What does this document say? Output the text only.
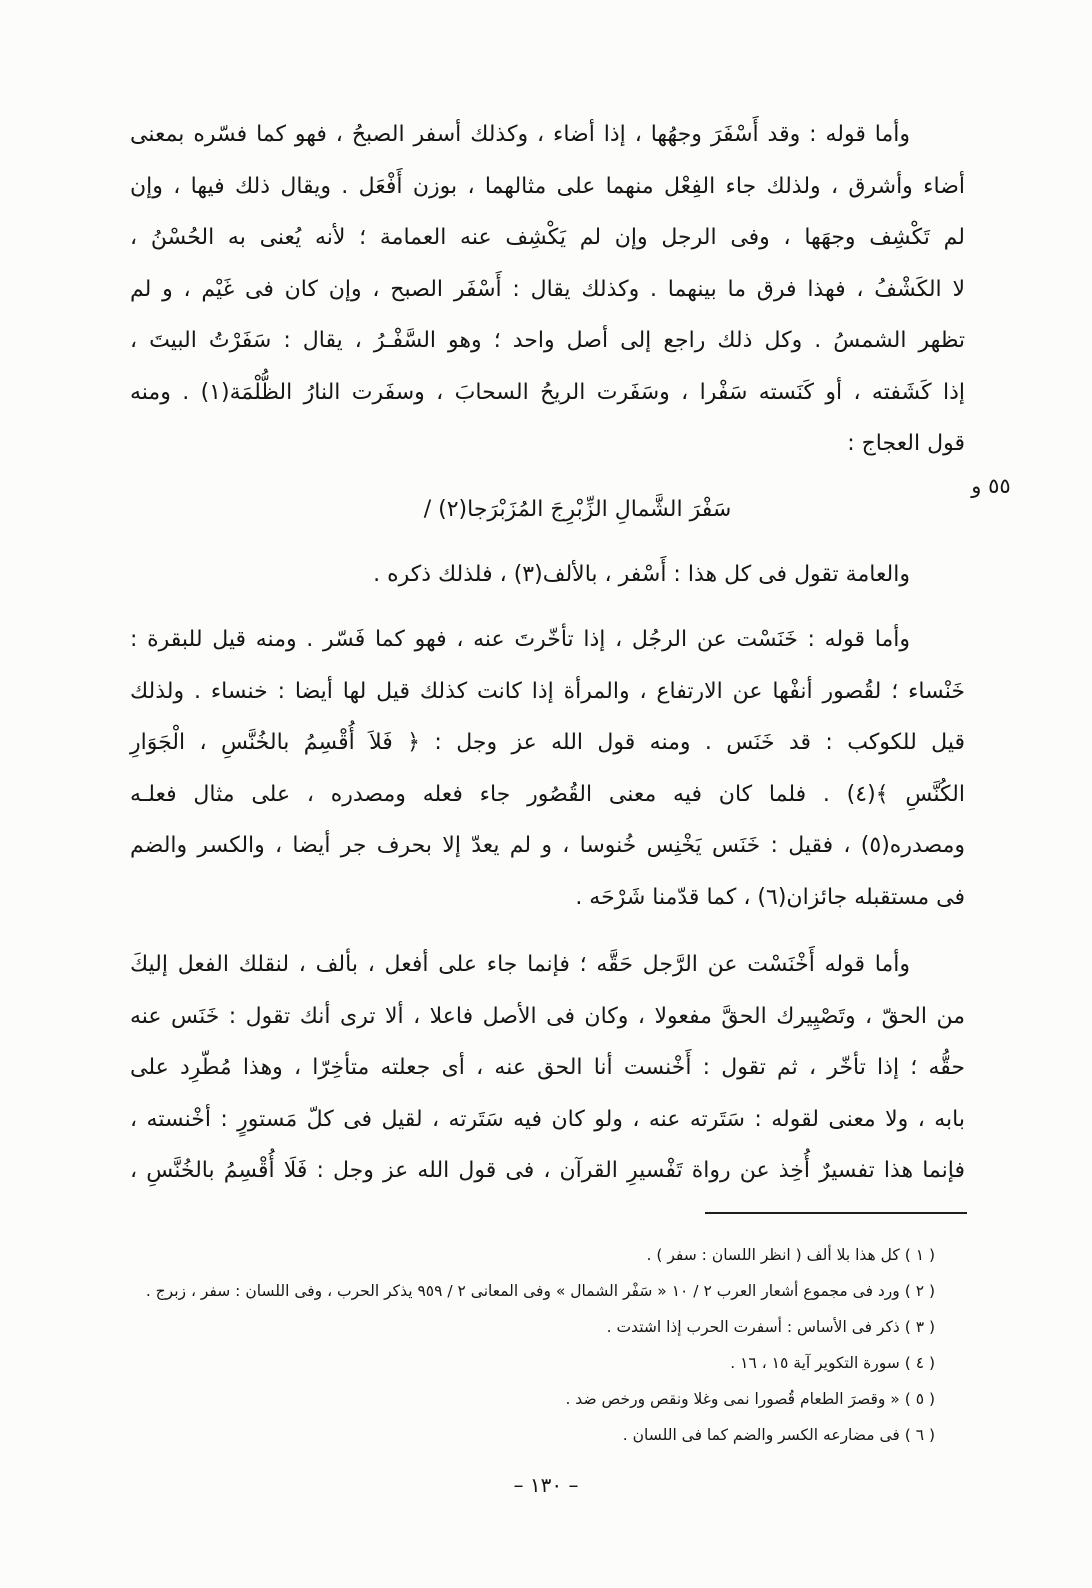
وأما قوله : وقد أَسْفَرَ وجهُها ، إذا أضاء ، وكذلك أسفر الصبحُ ، فهو كما فسّره بمعنى
أضاء وأشرق ، ولذلك جاء الفِعْل منهما على مثالهما ، بوزن أَفْعَل . ويقال ذلك فيها ، وإن
لم تَكْشِف وجهَها ، وفى الرجل وإن لم يَكْشِف عنه العمامة ؛ لأنه يُعنى به الحُسْنُ ،
لا الكَشْفُ ، فهذا فرق ما بينهما . وكذلك يقال : أَسْفَر الصبح ، وإن كان فى غَيْم ، و لم
تظهر الشمسُ . وكل ذلك راجع إلى أصل واحد ؛ وهو السَّفْـرُ ، يقال : سَفَرْتُ البيتَ ،
إذا كَشَفته ، أو كَنَسته سَفْرا ، وسَفَرت الريحُ السحابَ ، وسفَرت النارُ الظُّلْمَة(١) . ومنه
قول العجاج :
سَفْرَ الشَّمالِ الزِّبْرِجَ المُزَبْرَجا(٢) /
٥٥ و
والعامة تقول فى كل هذا : أَسْفر ، بالألف(٣) ، فلذلك ذكره .
وأما قوله : خَنَسْت عن الرجُل ، إذا تأخّرتَ عنه ، فهو كما فَسّر . ومنه قيل للبقرة :
خَنْساء ؛ لقُصور أنفْها عن الارتفاع ، والمرأة إذا كانت كذلك قيل لها أيضا : خنساء . ولذلك
قيل للكوكب : قد خَنَس . ومنه قول الله عز وجل : ﴿ فَلاَ أُقْسِمُ بالخُنَّسِ ، الْجَوَارِ
الكُنَّسِ ﴾(٤) . فلما كان فيه معنى القُصُور جاء فعله ومصدره ، على مثال فعلـه
ومصدره(٥) ، فقيل : خَنَس يَخْنِس خُنوسا ، و لم يعدّ إلا بحرف جر أيضا ، والكسر والضم
فى مستقبله جائزان(٦) ، كما قدّمنا شَرْحَه .
وأما قوله أَخْنَسْت عن الرَّجل حَقَّه ؛ فإنما جاء على أفعل ، بألف ، لنقلك الفعل إليكَ
من الحقّ ، وتَصْيِيرك الحقَّ مفعولا ، وكان فى الأصل فاعلا ، ألا ترى أنك تقول : خَنَس عنه
حقُّه ؛ إذا تأخّر ، ثم تقول : أَخْنست أنا الحق عنه ، أى جعلته متأخِرّا ، وهذا مُطّرِد على
بابه ، ولا معنى لقوله : سَتَرته عنه ، ولو كان فيه سَتَرته ، لقيل فى كلّ مَستورٍ : أخْنسته ،
فإنما هذا تفسيرٌ أُخِذ عن رواة تَفْسيرِ القرآن ، فى قول الله عز وجل : فَلَا أُقْسِمُ بالخُنَّسِ ،
( ١ ) كل هذا بلا ألف ( انظر اللسان : سفر ) .
( ٢ ) ورد فى مجموع أشعار العرب ٢ / ١٠ « سَفْر الشمال » وفى المعانى ٢ / ٩٥٩ يذكر الحرب ، وفى اللسان : سفر ، زبرج .
( ٣ ) ذكر فى الأساس : أسفرت الحرب إذا اشتدت .
( ٤ ) سورة التكوير آية ١٥ ، ١٦ .
( ٥ ) « وقصرَ الطعام قُصورا نمى وغلا ونقص ورخص ضد .
( ٦ ) فى مضارعه الكسر والضم كما فى اللسان .
– ١٣٠ –
